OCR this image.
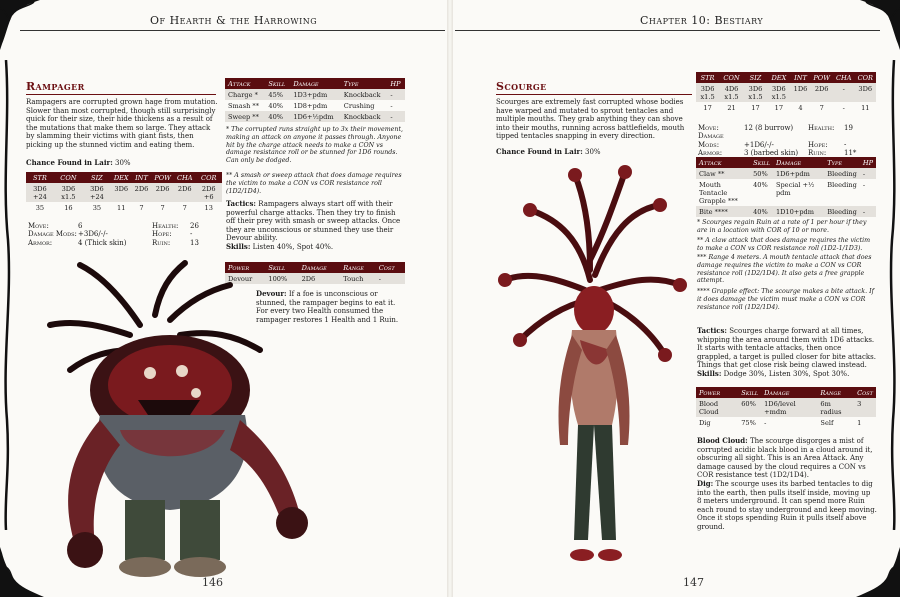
Of Hearth & the Harrowing
Rampager

Rampagers are corrupted grown hage from mutation. Slower than most corrupted, though still surprisingly quick for their size, their hide thickens as a result of the mutations that make them so large. They attack by slamming their victims with giant fists, then picking up the stunned victim and eating them.

Chance Found in Lair: 30%

STR	CON	SIZ	DEX	INT	POW	CHA	COR
3D6 +24	3D6 x1.5	3D6 +24	3D6	2D6	2D6	2D6	2D6 +6
35	16	35	11	7	7	7	13
Move:	6	Health: 26
Damage Mods:+3D6/-/-	Hope:	-
Armor:	4 (Thick skin)	Ruin:	13
Attack	Skill	Damage	Type	HP
Charge *	45%	1D3+pdm	Knockback	-
Smash **	40%	1D8+pdm	Crushing	-
Sweep **	40%	1D6+½pdm	Knockback	-

* The corrupted runs straight up to 3x their movement, making an attack on anyone it passes through. Anyone hit by the charge attack needs to make a CON vs damage resistance roll or be stunned for 1D6 rounds. Can only be dodged.

** A smash or sweep attack that does damage requires the victim to make a CON vs COR resistance roll (1D2/1D4).

Tactics: Rampagers always start off with their powerful charge attacks. Then they try to finish off their prey with smash or sweep attacks. Once they are unconscious or stunned they use their Devour ability.
Skills: Listen 40%, Spot 40%.

Power	Skill	Damage	Range	Cost
Devour	100%	2D6	Touch	-

Devour: If a foe is unconscious or stunned, the rampager begins to eat it. For every two Health consumed the rampager restores 1 Health and 1 Ruin.

146
Chapter 10: Bestiary
Scourge

Scourges are extremely fast corrupted whose bodies have warped and mutated to sprout tentacles and multiple mouths. They grab anything they can shove into their mouths, running across battlefields, mouth tipped tentacles snapping in every direction.

Chance Found in Lair: 30%

STR	CON	SIZ	DEX	INT	POW	CHA	COR
3D6 x1.5	4D6 x1.5	3D6 x1.5	3D6 x1.5	1D6	2D6	-	3D6
17	21	17	17	4	7	-	11
Move:	12 (8 burrow) Health: 19
Damage Mods:	+1D6/-/-	Hope: -
Armor:	3 (barbed skin) Ruin:	11*
Attack	Skill	Damage	Type	HP
Claw **	50%	1D6+pdm	Bleeding	-
Mouth Tentacle Grapple ***	40%	Special +½ pdm	Bleeding	-
Bite ****	40%	1D10+pdm	Bleeding	-

* Scourges regain Ruin at a rate of 1 per hour if they are in a location with COR of 10 or more.

** A claw attack that does damage requires the victim to make a CON vs COR resistance roll (1D2-1/1D3).

*** Range 4 meters. A mouth tentacle attack that does damage requires the victim to make a CON vs COR resistance roll (1D2/1D4). It also gets a free grapple attempt.

**** Grapple effect: The scourge makes a bite attack. If it does damage the victim must make a CON vs COR resistance roll (1D2/1D4).

Tactics: Scourges charge forward at all times, whipping the area around them with 1D6 attacks. It starts with tentacle attacks, then once grappled, a target is pulled closer for bite attacks. Things that get close risk being clawed instead.
Skills: Dodge 30%, Listen 30%, Spot 30%.

Power	Skill	Damage	Range	Cost
Blood Cloud	60%	1D6/level +mdm	6m radius	3
Dig	75%	-	Self	1

Blood Cloud: The scourge disgorges a mist of corrupted acidic black blood in a cloud around it, obscuring all sight. This is an Area Attack. Any damage caused by the cloud requires a CON vs COR resistance test (1D2/1D4).
Dig: The scourge uses its barbed tentacles to dig into the earth, then pulls itself inside, moving up 8 meters underground. It can spend more Ruin each round to stay underground and keep moving. Once it stops spending Ruin it pulls itself above ground.

147
